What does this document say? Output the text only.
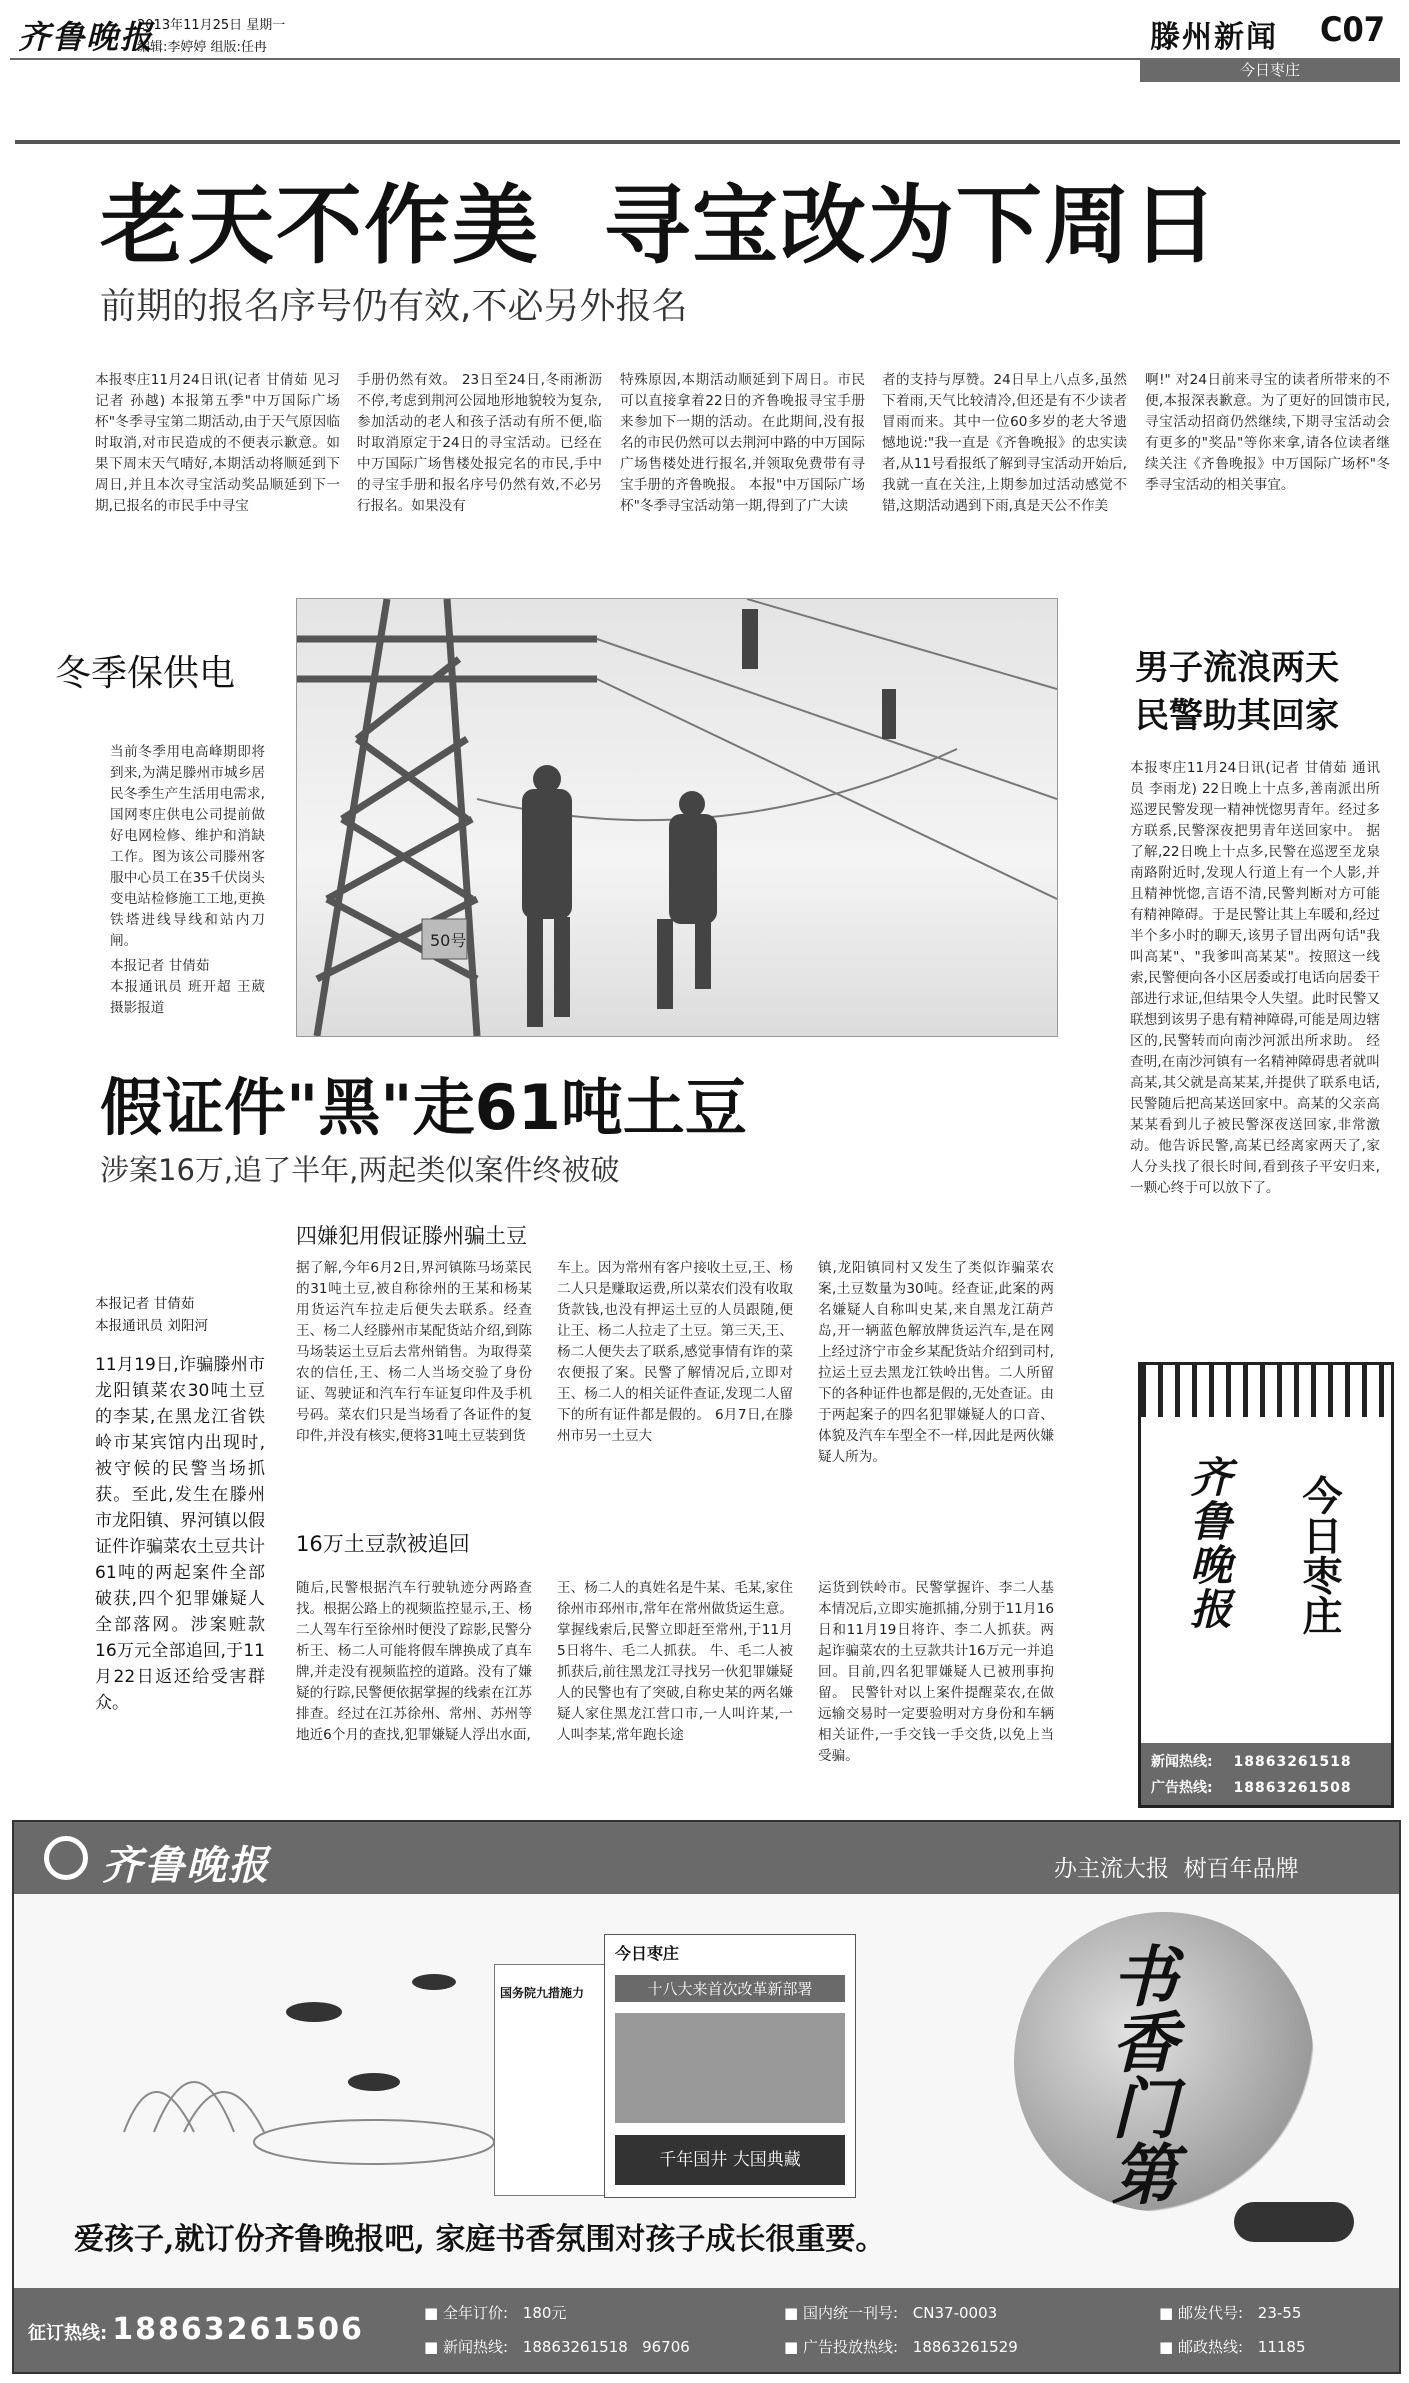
齐鲁晚报
2013年11月25日 星期一
编辑:李婷婷 组版:任冉	滕州新闻 C07
今日枣庄
老天不作美  寻宝改为下周日
前期的报名序号仍有效,不必另外报名
本报枣庄11月24日讯(记者 甘倩茹 见习记者 孙越) 本报第五季"中万国际广场杯"冬季寻宝第二期活动,由于天气原因临时取消,对市民造成的不便表示歉意。如果下周末天气晴好,本期活动将顺延到下周日,并且本次寻宝活动奖品顺延到下一期,已报名的市民手中寻宝
手册仍然有效。 23日至24日,冬雨淅沥不停,考虑到荆河公园地形地貌较为复杂,参加活动的老人和孩子活动有所不便,临时取消原定于24日的寻宝活动。已经在中万国际广场售楼处报完名的市民,手中的寻宝手册和报名序号仍然有效,不必另行报名。如果没有
特殊原因,本期活动顺延到下周日。市民可以直接拿着22日的齐鲁晚报寻宝手册来参加下一期的活动。在此期间,没有报名的市民仍然可以去荆河中路的中万国际广场售楼处进行报名,并领取免费带有寻宝手册的齐鲁晚报。 本报"中万国际广场杯"冬季寻宝活动第一期,得到了广大读
者的支持与厚赞。24日早上八点多,虽然下着雨,天气比较清冷,但还是有不少读者冒雨而来。其中一位60多岁的老大爷遗憾地说:"我一直是《齐鲁晚报》的忠实读者,从11号看报纸了解到寻宝活动开始后,我就一直在关注,上期参加过活动感觉不错,这期活动遇到下雨,真是天公不作美
啊!" 对24日前来寻宝的读者所带来的不便,本报深表歉意。为了更好的回馈市民,寻宝活动招商仍然继续,下期寻宝活动会有更多的"奖品"等你来拿,请各位读者继续关注《齐鲁晚报》中万国际广场杯"冬季寻宝活动的相关事宜。
冬季保供电
当前冬季用电高峰期即将到来,为满足滕州市城乡居民冬季生产生活用电需求,国网枣庄供电公司提前做好电网检修、维护和消缺工作。图为该公司滕州客服中心员工在35千伏岗头变电站检修施工工地,更换铁塔进线导线和站内刀闸。

本报记者 甘倩茹

本报通讯员 班开超 王葳 摄影报道

50号
男子流浪两天
民警助其回家
本报枣庄11月24日讯(记者 甘倩茹 通讯员 李雨龙) 22日晚上十点多,善南派出所巡逻民警发现一精神恍惚男青年。经过多方联系,民警深夜把男青年送回家中。 据了解,22日晚上十点多,民警在巡逻至龙泉南路附近时,发现人行道上有一个人影,并且精神恍惚,言语不清,民警判断对方可能有精神障碍。于是民警让其上车暖和,经过半个多小时的聊天,该男子冒出两句话"我叫高某"、"我爹叫高某某"。按照这一线索,民警便向各小区居委或打电话向居委干部进行求证,但结果令人失望。此时民警又联想到该男子患有精神障碍,可能是周边辖区的,民警转而向南沙河派出所求助。 经查明,在南沙河镇有一名精神障碍患者就叫高某,其父就是高某某,并提供了联系电话,民警随后把高某送回家中。高某的父亲高某某看到儿子被民警深夜送回家,非常激动。他告诉民警,高某已经离家两天了,家人分头找了很长时间,看到孩子平安归来,一颗心终于可以放下了。
假证件"黑"走61吨土豆
涉案16万,追了半年,两起类似案件终被破
四嫌犯用假证滕州骗土豆
本报记者 甘倩茹
本报通讯员 刘阳河
11月19日,诈骗滕州市龙阳镇菜农30吨土豆的李某,在黑龙江省铁岭市某宾馆内出现时,被守候的民警当场抓获。至此,发生在滕州市龙阳镇、界河镇以假证件诈骗菜农土豆共计61吨的两起案件全部破获,四个犯罪嫌疑人全部落网。涉案赃款16万元全部追回,于11月22日返还给受害群众。
据了解,今年6月2日,界河镇陈马场菜民的31吨土豆,被自称徐州的王某和杨某用货运汽车拉走后便失去联系。经查王、杨二人经滕州市某配货站介绍,到陈马场装运土豆后去常州销售。为取得菜农的信任,王、杨二人当场交验了身份证、驾驶证和汽车行车证复印件及手机号码。菜农们只是当场看了各证件的复印件,并没有核实,便将31吨土豆装到货
车上。因为常州有客户接收土豆,王、杨二人只是赚取运费,所以菜农们没有收取货款钱,也没有押运土豆的人员跟随,便让王、杨二人拉走了土豆。第三天,王、杨二人便失去了联系,感觉事情有诈的菜农便报了案。民警了解情况后,立即对王、杨二人的相关证件查证,发现二人留下的所有证件都是假的。 6月7日,在滕州市另一土豆大
镇,龙阳镇同村又发生了类似诈骗菜农案,土豆数量为30吨。经查证,此案的两名嫌疑人自称叫史某,来自黑龙江葫芦岛,开一辆蓝色解放牌货运汽车,是在网上经过济宁市金乡某配货站介绍到司村,拉运土豆去黑龙江铁岭出售。二人所留下的各种证件也都是假的,无处查证。由于两起案子的四名犯罪嫌疑人的口音、体貌及汽车车型全不一样,因此是两伙嫌疑人所为。
16万土豆款被追回
随后,民警根据汽车行驶轨迹分两路查找。根据公路上的视频监控显示,王、杨二人驾车行至徐州时便没了踪影,民警分析王、杨二人可能将假车牌换成了真车牌,并走没有视频监控的道路。没有了嫌疑的行踪,民警便依据掌握的线索在江苏排查。经过在江苏徐州、常州、苏州等地近6个月的查找,犯罪嫌疑人浮出水面,
王、杨二人的真姓名是牛某、毛某,家住徐州市邳州市,常年在常州做货运生意。掌握线索后,民警立即赶至常州,于11月5日将牛、毛二人抓获。 牛、毛二人被抓获后,前往黑龙江寻找另一伙犯罪嫌疑人的民警也有了突破,自称史某的两名嫌疑人家住黑龙江营口市,一人叫许某,一人叫李某,常年跑长途
运货到铁岭市。民警掌握许、李二人基本情况后,立即实施抓捕,分别于11月16日和11月19日将许、李二人抓获。两起诈骗菜农的土豆款共计16万元一并追回。目前,四名犯罪嫌疑人已被刑事拘留。 民警针对以上案件提醒菜农,在做远输交易时一定要验明对方身份和车辆相关证件,一手交钱一手交货,以免上当受骗。
齐鲁晚报 今日枣庄
新闻热线: 18863261518
广告热线: 18863261508
齐鲁晚报	办主流大报  树百年品牌
今日枣庄
十八大来首次改革新部署
千年国井 大国典藏
国务院九措施力	书香门第
爱孩子,就订份齐鲁晚报吧, 家庭书香氛围对孩子成长很重要。
征订热线: 18863261506	■ 全年订价: 180元	■ 国内统一刊号: CN37-0003	■ 邮发代号: 23-55
■ 新闻热线: 18863261518   96706	■ 广告投放热线: 18863261529	■ 邮政热线: 11185
